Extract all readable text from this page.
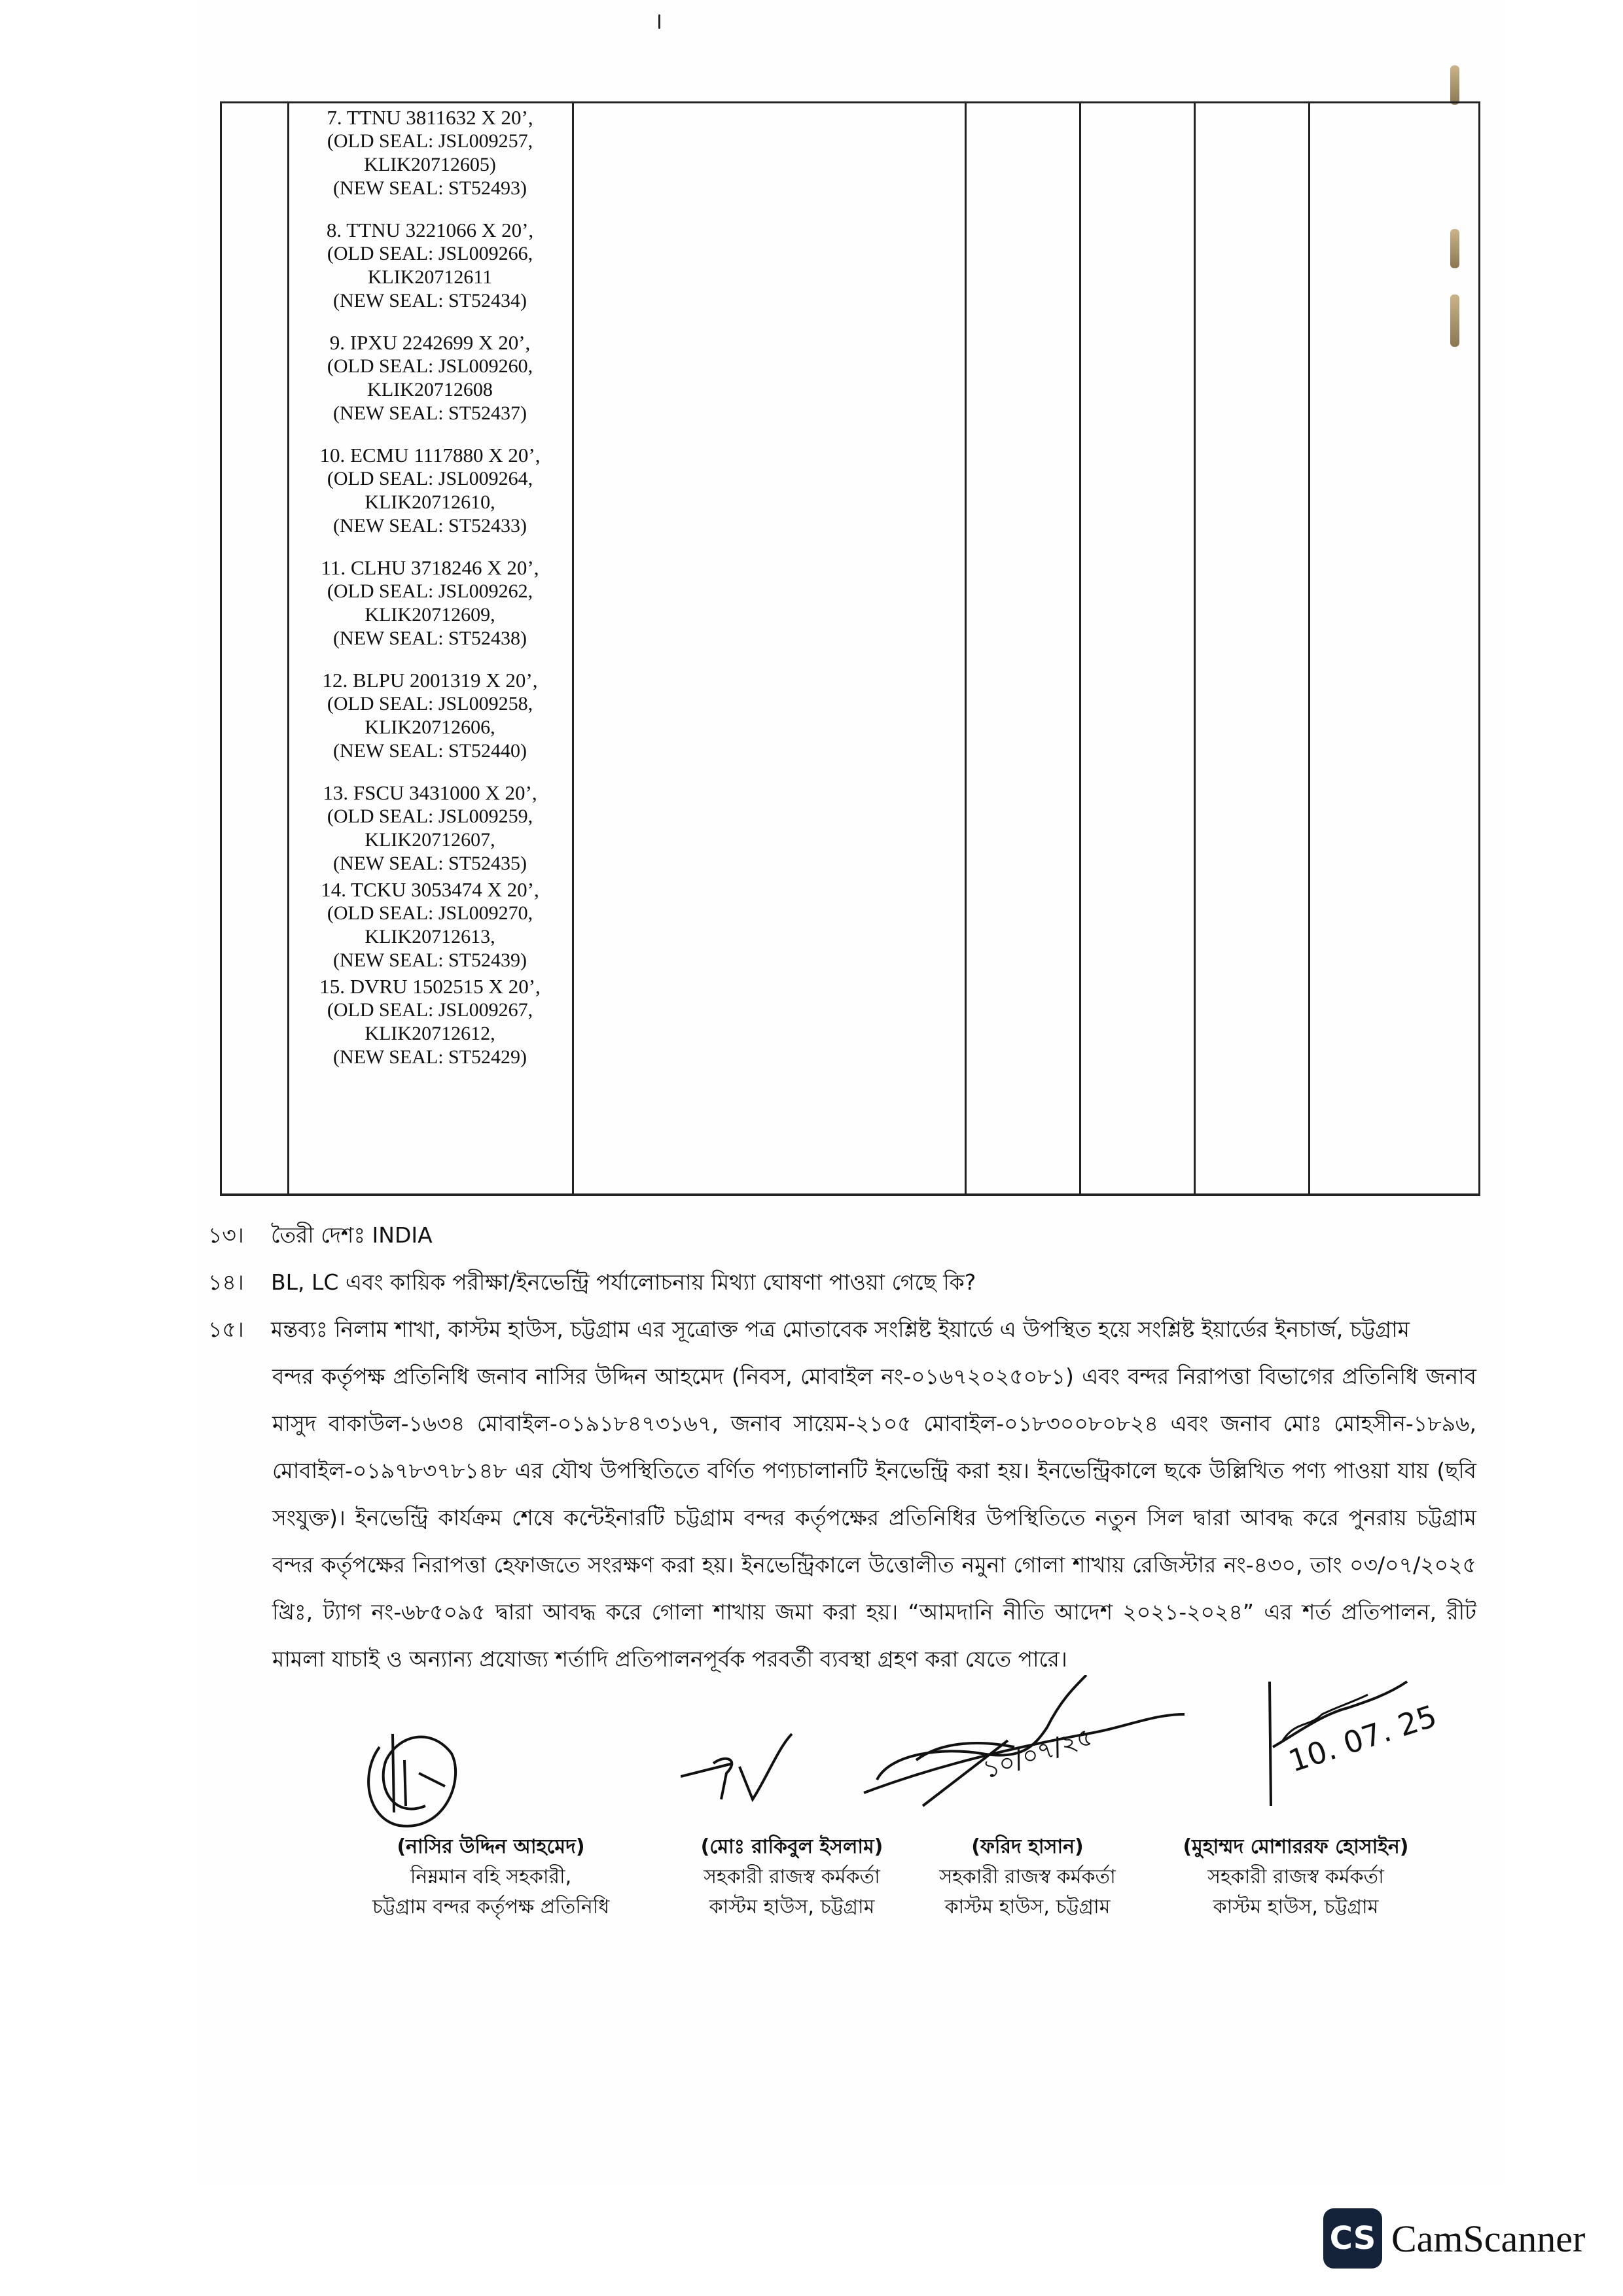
7. TTNU 3811632 X 20’,
(OLD SEAL: JSL009257,
KLIK20712605)
(NEW SEAL: ST52493)
8. TTNU 3221066 X 20’,
(OLD SEAL: JSL009266,
KLIK20712611
(NEW SEAL: ST52434)
9. IPXU 2242699 X 20’,
(OLD SEAL: JSL009260,
KLIK20712608
(NEW SEAL: ST52437)
10. ECMU 1117880 X 20’,
(OLD SEAL: JSL009264,
KLIK20712610,
(NEW SEAL: ST52433)
11. CLHU 3718246 X 20’,
(OLD SEAL: JSL009262,
KLIK20712609,
(NEW SEAL: ST52438)
12. BLPU 2001319 X 20’,
(OLD SEAL: JSL009258,
KLIK20712606,
(NEW SEAL: ST52440)
13. FSCU 3431000 X 20’,
(OLD SEAL: JSL009259,
KLIK20712607,
(NEW SEAL: ST52435)
14. TCKU 3053474 X 20’,
(OLD SEAL: JSL009270,
KLIK20712613,
(NEW SEAL: ST52439)
15. DVRU 1502515 X 20’,
(OLD SEAL: JSL009267,
KLIK20712612,
(NEW SEAL: ST52429)
১৩। তৈরী দেশঃ INDIA
১৪। BL, LC এবং কায়িক পরীক্ষা/ইনভেন্ট্রি পর্যালোচনায় মিথ্যা ঘোষণা পাওয়া গেছে কি?
১৫। মন্তব্যঃ নিলাম শাখা, কাস্টম হাউস, চট্টগ্রাম এর সূত্রোক্ত পত্র মোতাবেক সংশ্লিষ্ট ইয়ার্ডে এ উপস্থিত হয়ে সংশ্লিষ্ট ইয়ার্ডের ইনচার্জ, চট্টগ্রাম
বন্দর কর্তৃপক্ষ প্রতিনিধি জনাব নাসির উদ্দিন আহমেদ (নিবস, মোবাইল নং-০১৬৭২০২৫০৮১) এবং বন্দর নিরাপত্তা বিভাগের প্রতিনিধি জনাব মাসুদ বাকাউল-১৬৩৪ মোবাইল-০১৯১৮৪৭৩১৬৭, জনাব সায়েম-২১০৫ মোবাইল-০১৮৩০০৮০৮২৪ এবং জনাব মোঃ মোহসীন-১৮৯৬, মোবাইল-০১৯৭৮৩৭৮১৪৮ এর যৌথ উপস্থিতিতে বর্ণিত পণ্যচালানটি ইনভেন্ট্রি করা হয়। ইনভেন্ট্রিকালে ছকে উল্লিখিত পণ্য পাওয়া যায় (ছবি সংযুক্ত)। ইনভেন্ট্রি কার্যক্রম শেষে কন্টেইনারটি চট্টগ্রাম বন্দর কর্তৃপক্ষের প্রতিনিধির উপস্থিতিতে নতুন সিল দ্বারা আবদ্ধ করে পুনরায় চট্টগ্রাম বন্দর কর্তৃপক্ষের নিরাপত্তা হেফাজতে সংরক্ষণ করা হয়। ইনভেন্ট্রিকালে উত্তোলীত নমুনা গোলা শাখায় রেজিস্টার নং-৪৩০, তাং ০৩/০৭/২০২৫ খ্রিঃ, ট্যাগ নং-৬৮৫০৯৫ দ্বারা আবদ্ধ করে গোলা শাখায় জমা করা হয়। “আমদানি নীতি আদেশ ২০২১-২০২৪” এর শর্ত প্রতিপালন, রীট মামলা যাচাই ও অন্যান্য প্রযোজ্য শর্তাদি প্রতিপালনপূর্বক পরবর্তী ব্যবস্থা গ্রহণ করা যেতে পারে।
১০/০৭/২৫	10. 07. 25
(নাসির উদ্দিন আহমেদ)
নিম্নমান বহি সহকারী,
চট্টগ্রাম বন্দর কর্তৃপক্ষ প্রতিনিধি
(মোঃ রাকিবুল ইসলাম)
সহকারী রাজস্ব কর্মকর্তা
কাস্টম হাউস, চট্টগ্রাম
(ফরিদ হাসান)
সহকারী রাজস্ব কর্মকর্তা
কাস্টম হাউস, চট্টগ্রাম
(মুহাম্মদ মোশাররফ হোসাইন)
সহকারী রাজস্ব কর্মকর্তা
কাস্টম হাউস, চট্টগ্রাম
CS CamScanner
